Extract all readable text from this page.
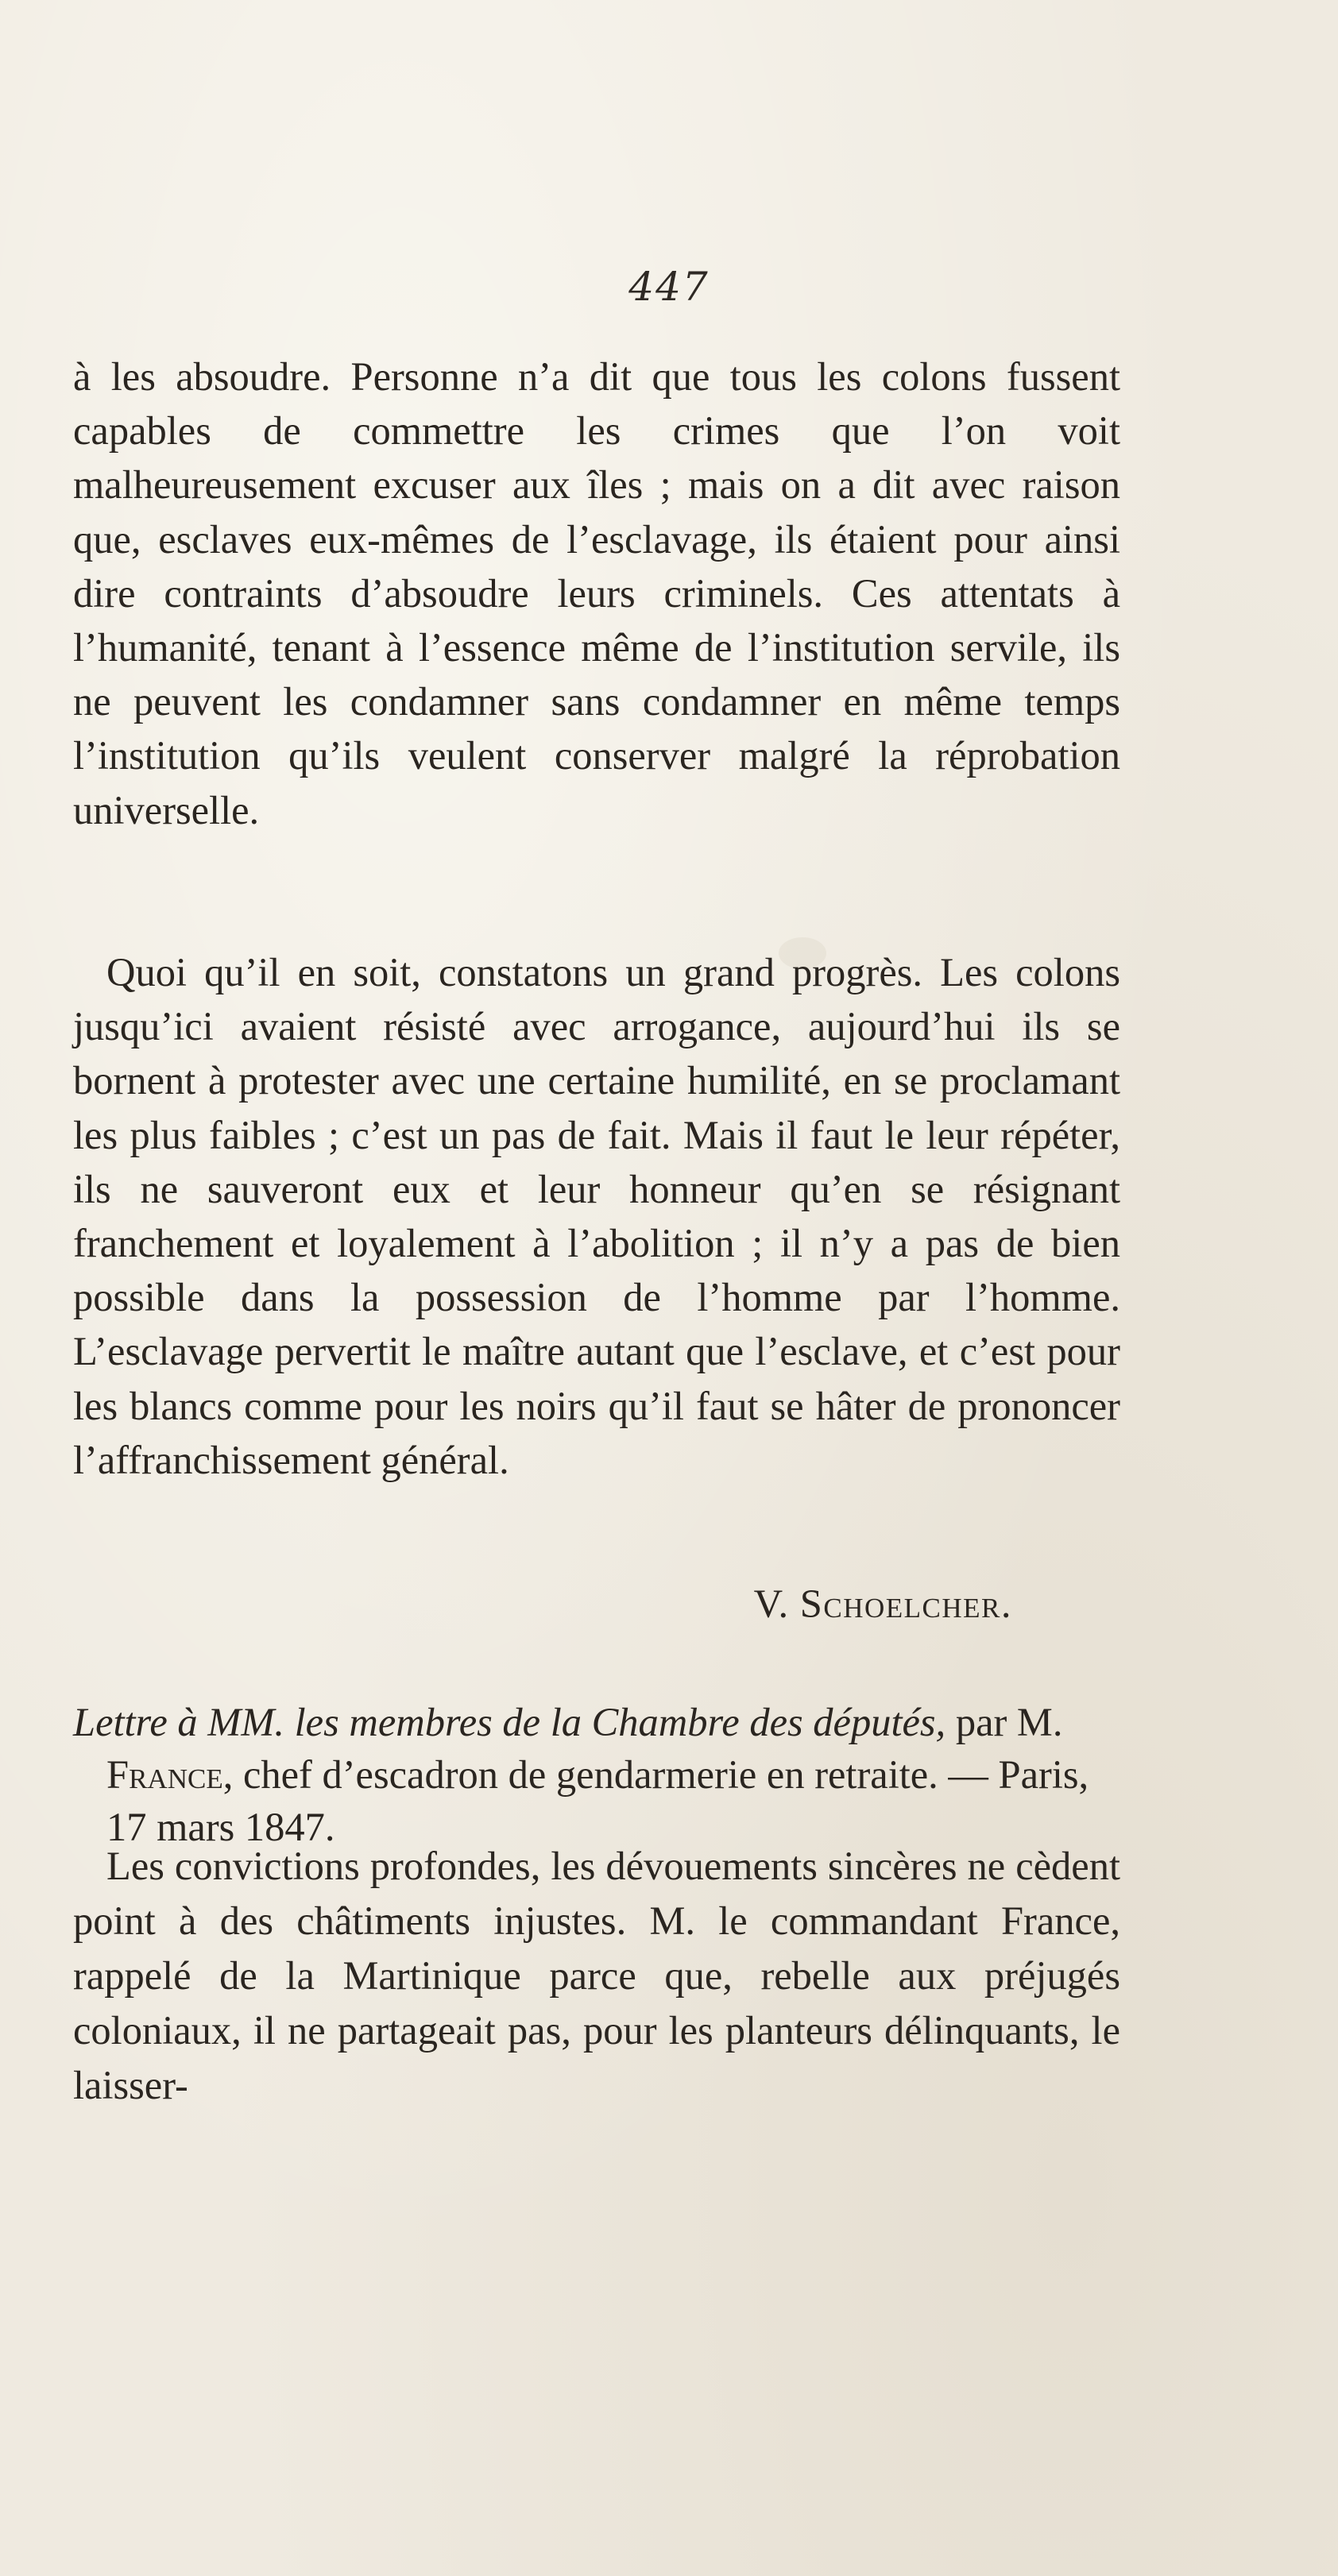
447

à les absoudre. Personne n’a dit que tous les colons fussent capables de commettre les crimes que l’on voit malheureusement excuser aux îles ; mais on a dit avec raison que, esclaves eux-mêmes de l’esclavage, ils étaient pour ainsi dire contraints d’absoudre leurs criminels. Ces attentats à l’humanité, tenant à l’essence même de l’institution servile, ils ne peuvent les condamner sans condamner en même temps l’institution qu’ils veulent conserver malgré la réprobation universelle.

Quoi qu’il en soit, constatons un grand progrès. Les colons jusqu’ici avaient résisté avec arrogance, aujourd’hui ils se bornent à protester avec une certaine humilité, en se proclamant les plus faibles ; c’est un pas de fait. Mais il faut le leur répéter, ils ne sauveront eux et leur honneur qu’en se résignant franchement et loyalement à l’abolition ; il n’y a pas de bien possible dans la possession de l’homme par l’homme. L’esclavage pervertit le maître autant que l’esclave, et c’est pour les blancs comme pour les noirs qu’il faut se hâter de prononcer l’affranchissement général.

V. Schoelcher.

Lettre à MM. les membres de la Chambre des députés, par M. France, chef d’escadron de gendarmerie en retraite. — Paris, 17 mars 1847.

Les convictions profondes, les dévouements sincères ne cèdent point à des châtiments injustes. M. le commandant France, rappelé de la Martinique parce que, rebelle aux préjugés coloniaux, il ne partageait pas, pour les planteurs délinquants, le laisser-
